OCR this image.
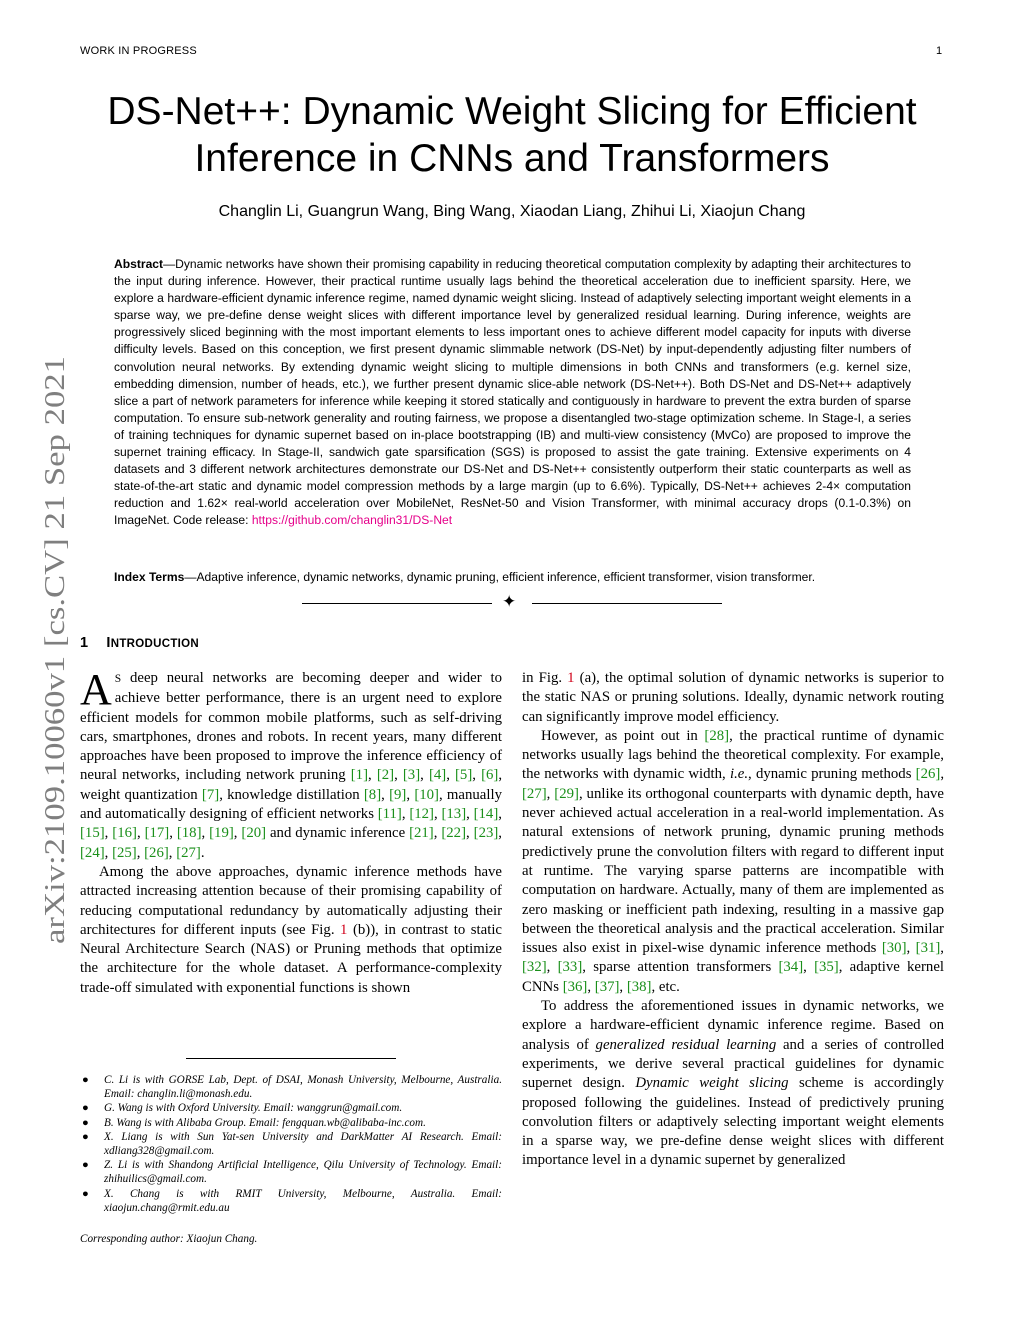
WORK IN PROGRESS	1
DS-Net++: Dynamic Weight Slicing for Efficient
Inference in CNNs and Transformers
Changlin Li, Guangrun Wang, Bing Wang, Xiaodan Liang, Zhihui Li, Xiaojun Chang
Abstract—Dynamic networks have shown their promising capability in reducing theoretical computation complexity by adapting their architectures to the input during inference. However, their practical runtime usually lags behind the theoretical acceleration due to inefficient sparsity. Here, we explore a hardware-efficient dynamic inference regime, named dynamic weight slicing. Instead of adaptively selecting important weight elements in a sparse way, we pre-define dense weight slices with different importance level by generalized residual learning. During inference, weights are progressively sliced beginning with the most important elements to less important ones to achieve different model capacity for inputs with diverse difficulty levels. Based on this conception, we first present dynamic slimmable network (DS-Net) by input-dependently adjusting filter numbers of convolution neural networks. By extending dynamic weight slicing to multiple dimensions in both CNNs and transformers (e.g. kernel size, embedding dimension, number of heads, etc.), we further present dynamic slice-able network (DS-Net++). Both DS-Net and DS-Net++ adaptively slice a part of network parameters for inference while keeping it stored statically and contiguously in hardware to prevent the extra burden of sparse computation. To ensure sub-network generality and routing fairness, we propose a disentangled two-stage optimization scheme. In Stage-I, a series of training techniques for dynamic supernet based on in-place bootstrapping (IB) and multi-view consistency (MvCo) are proposed to improve the supernet training efficacy. In Stage-II, sandwich gate sparsification (SGS) is proposed to assist the gate training. Extensive experiments on 4 datasets and 3 different network architectures demonstrate our DS-Net and DS-Net++ consistently outperform their static counterparts as well as state-of-the-art static and dynamic model compression methods by a large margin (up to 6.6%). Typically, DS-Net++ achieves 2-4× computation reduction and 1.62× real-world acceleration over MobileNet, ResNet-50 and Vision Transformer, with minimal accuracy drops (0.1-0.3%) on ImageNet. Code release: https://github.com/changlin31/DS-Net
Index Terms—Adaptive inference, dynamic networks, dynamic pruning, efficient inference, efficient transformer, vision transformer.
✦
arXiv:2109.10060v1 [cs.CV] 21 Sep 2021 1 INTRODUCTION

A S deep neural networks are becoming deeper and wider to achieve better performance, there is an urgent need to explore efficient models for common mobile platforms, such as self-driving cars, smartphones, drones and robots. In recent years, many different approaches have been proposed to improve the inference efficiency of neural networks, including network pruning [1], [2], [3], [4], [5], [6], weight quantization [7], knowledge distillation [8], [9], [10], manually and automatically designing of efficient networks [11], [12], [13], [14], [15], [16], [17], [18], [19], [20] and dynamic inference [21], [22], [23], [24], [25], [26], [27].

Among the above approaches, dynamic inference methods have attracted increasing attention because of their promising capability of reducing computational redundancy by automatically adjusting their architectures for different inputs (see Fig. 1 (b)), in contrast to static Neural Architecture Search (NAS) or Pruning methods that optimize the architecture for the whole dataset. A performance-complexity trade-off simulated with exponential functions is shown

● C. Li is with GORSE Lab, Dept. of DSAI, Monash University, Melbourne, Australia. Email: changlin.li@monash.edu.
● G. Wang is with Oxford University. Email: wanggrun@gmail.com.
● B. Wang is with Alibaba Group. Email: fengquan.wb@alibaba-inc.com.
● X. Liang is with Sun Yat-sen University and DarkMatter AI Research. Email: xdliang328@gmail.com.
● Z. Li is with Shandong Artificial Intelligence, Qilu University of Technology. Email: zhihuilics@gmail.com.
● X. Chang is with RMIT University, Melbourne, Australia. Email: xiaojun.chang@rmit.edu.au
Corresponding author: Xiaojun Chang.

in Fig. 1 (a), the optimal solution of dynamic networks is superior to the static NAS or pruning solutions. Ideally, dynamic network routing can significantly improve model efficiency.

However, as point out in [28], the practical runtime of dynamic networks usually lags behind the theoretical complexity. For example, the networks with dynamic width, i.e., dynamic pruning methods [26], [27], [29], unlike its orthogonal counterparts with dynamic depth, have never achieved actual acceleration in a real-world implementation. As natural extensions of network pruning, dynamic pruning methods predictively prune the convolution filters with regard to different input at runtime. The varying sparse patterns are incompatible with computation on hardware. Actually, many of them are implemented as zero masking or inefficient path indexing, resulting in a massive gap between the theoretical analysis and the practical acceleration. Similar issues also exist in pixel-wise dynamic inference methods [30], [31], [32], [33], sparse attention transformers [34], [35], adaptive kernel CNNs [36], [37], [38], etc.

To address the aforementioned issues in dynamic networks, we explore a hardware-efficient dynamic inference regime. Based on analysis of generalized residual learning and a series of controlled experiments, we derive several practical guidelines for dynamic supernet design. Dynamic weight slicing scheme is accordingly proposed following the guidelines. Instead of predictively pruning convolution filters or adaptively selecting important weight elements in a sparse way, we pre-define dense weight slices with different importance level in a dynamic supernet by generalized
